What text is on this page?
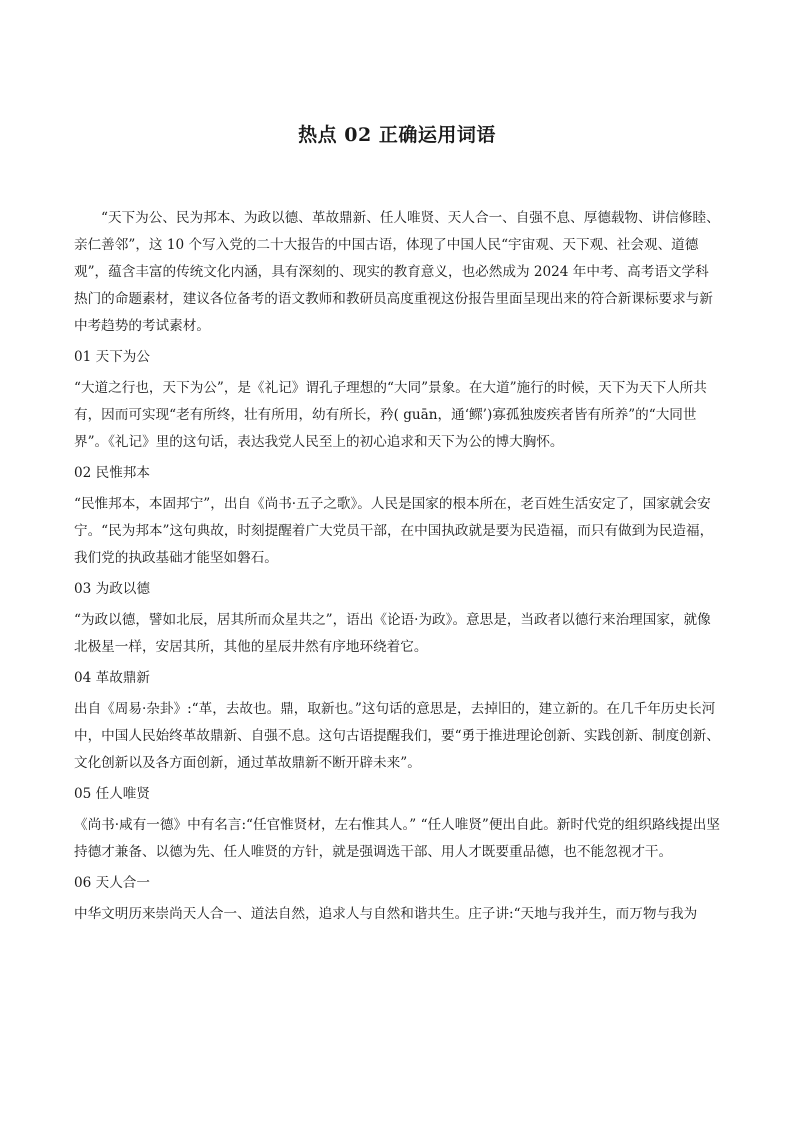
热点 02 正确运用词语

“天下为公、民为邦本、为政以德、革故鼎新、任人唯贤、天人合一、自强不息、厚德载物、讲信修睦、亲仁善邻”，这 10 个写入党的二十大报告的中国古语，体现了中国人民“宇宙观、天下观、社会观、道德观”，蕴含丰富的传统文化内涵，具有深刻的、现实的教育意义，也必然成为 2024 年中考、高考语文学科热门的命题素材，建议各位备考的语文教师和教研员高度重视这份报告里面呈现出来的符合新课标要求与新中考趋势的考试素材。

01 天下为公

“大道之行也，天下为公”，是《礼记》谓孔子理想的“大同”景象。在大道”施行的时候，天下为天下人所共有，因而可实现“老有所终，壮有所用，幼有所长，矜( guān，通‘鳏’)寡孤独废疾者皆有所养”的“大同世界”。《礼记》里的这句话，表达我党人民至上的初心追求和天下为公的博大胸怀。

02 民惟邦本

“民惟邦本，本固邦宁”，出自《尚书·五子之歌》。人民是国家的根本所在，老百姓生活安定了，国家就会安宁。“民为邦本”这句典故，时刻提醒着广大党员干部，在中国执政就是要为民造福，而只有做到为民造福，我们党的执政基础才能坚如磐石。

03 为政以德

“为政以德，譬如北辰，居其所而众星共之”，语出《论语·为政》。意思是，当政者以德行来治理国家，就像北极星一样，安居其所，其他的星辰井然有序地环绕着它。

04 革故鼎新

出自《周易·杂卦》:“革，去故也。鼎，取新也。”这句话的意思是，去掉旧的，建立新的。在几千年历史长河中，中国人民始终革故鼎新、自强不息。这句古语提醒我们，要“勇于推进理论创新、实践创新、制度创新、文化创新以及各方面创新，通过革故鼎新不断开辟未来”。

05 任人唯贤

《尚书·咸有一德》中有名言:“任官惟贤材，左右惟其人。” “任人唯贤”便出自此。新时代党的组织路线提出坚持德才兼备、以德为先、任人唯贤的方针，就是强调选干部、用人才既要重品德，也不能忽视才干。

06 天人合一

中华文明历来崇尚天人合一、道法自然，追求人与自然和谐共生。庄子讲:“天地与我并生，而万物与我为
